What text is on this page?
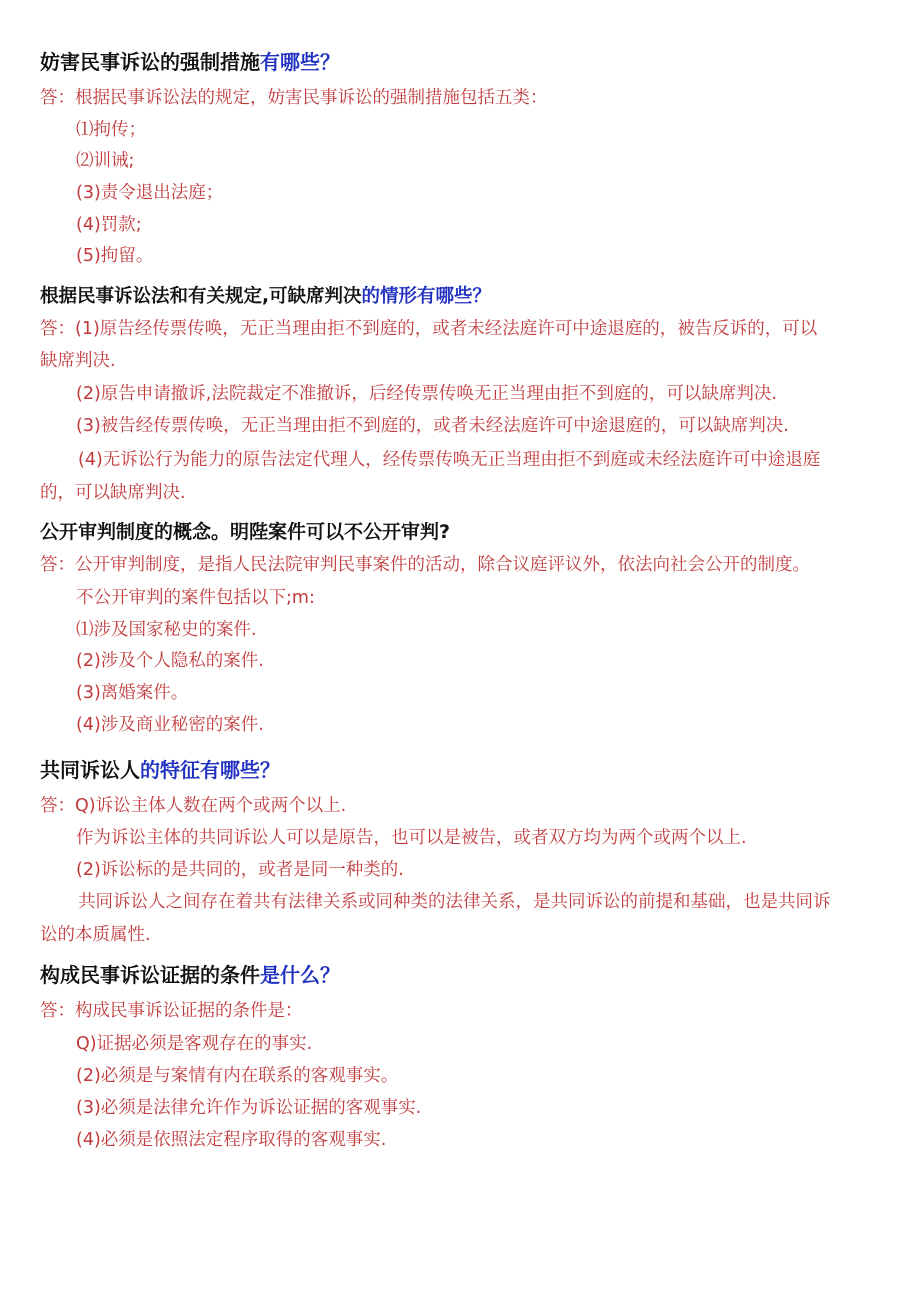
妨害民事诉讼的强制措施有哪些？

答：根据民事诉讼法的规定，妨害民事诉讼的强制措施包括五类：

⑴拘传；

⑵训诫;

(3)责令退出法庭；

(4)罚款;

(5)拘留。

根据民事诉讼法和有关规定,可缺席判决的情形有哪些？

答：(1)原告经传票传唤，无正当理由拒不到庭的，或者未经法庭许可中途退庭的，被告反诉的，可以

缺席判决.

(2)原告申请撤诉,法院裁定不准撤诉，后经传票传唤无正当理由拒不到庭的，可以缺席判决.

(3)被告经传票传唤，无正当理由拒不到庭的，或者未经法庭许可中途退庭的，可以缺席判决.

(4)无诉讼行为能力的原告法定代理人，经传票传唤无正当理由拒不到庭或未经法庭许可中途退庭

的，可以缺席判决.

公开审判制度的概念。明陛案件可以不公开审判?

答：公开审判制度，是指人民法院审判民事案件的活动，除合议庭评议外，依法向社会公开的制度。

不公开审判的案件包括以下;m:

⑴涉及国家秘史的案件.

(2)涉及个人隐私的案件.

(3)离婚案件。

(4)涉及商业秘密的案件.

共同诉讼人的特征有哪些？

答：Q)诉讼主体人数在两个或两个以上.

作为诉讼主体的共同诉讼人可以是原告，也可以是被告，或者双方均为两个或两个以上.

(2)诉讼标的是共同的，或者是同一种类的.

共同诉讼人之间存在着共有法律关系或同种类的法律关系，是共同诉讼的前提和基础，也是共同诉

讼的本质属性.

构成民事诉讼证据的条件是什么？

答：构成民事诉讼证据的条件是：

Q)证据必须是客观存在的事实.

(2)必须是与案情有内在联系的客观事实。

(3)必须是法律允许作为诉讼证据的客观事实.

(4)必须是依照法定程序取得的客观事实.
